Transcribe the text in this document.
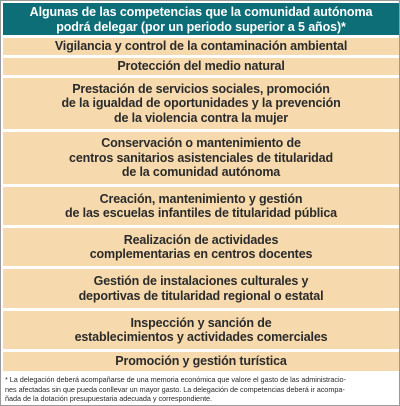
Algunas de las competencias que la comunidad autónoma
podrá delegar (por un periodo superior a 5 años)*
Vigilancia y control de la contaminación ambiental
Protección del medio natural
Prestación de servicios sociales, promoción
de la igualdad de oportunidades y la prevención
de la violencia contra la mujer
Conservación o mantenimiento de
centros sanitarios asistenciales de titularidad
de la comunidad autónoma
Creación, mantenimiento y gestión
de las escuelas infantiles de titularidad pública
Realización de actividades
complementarias en centros docentes
Gestión de instalaciones culturales y
deportivas de titularidad regional o estatal
Inspección y sanción de
establecimientos y actividades comerciales
Promoción y gestión turística
* La delegación deberá acompañarse de una memoria económica que valore el gasto de las administracio-
nes afectadas sin que pueda conllevar un mayor gasto. La delegación de competencias deberá ir acompa-
ñada de la dotación presupuestaria adecuada y correspondiente.
